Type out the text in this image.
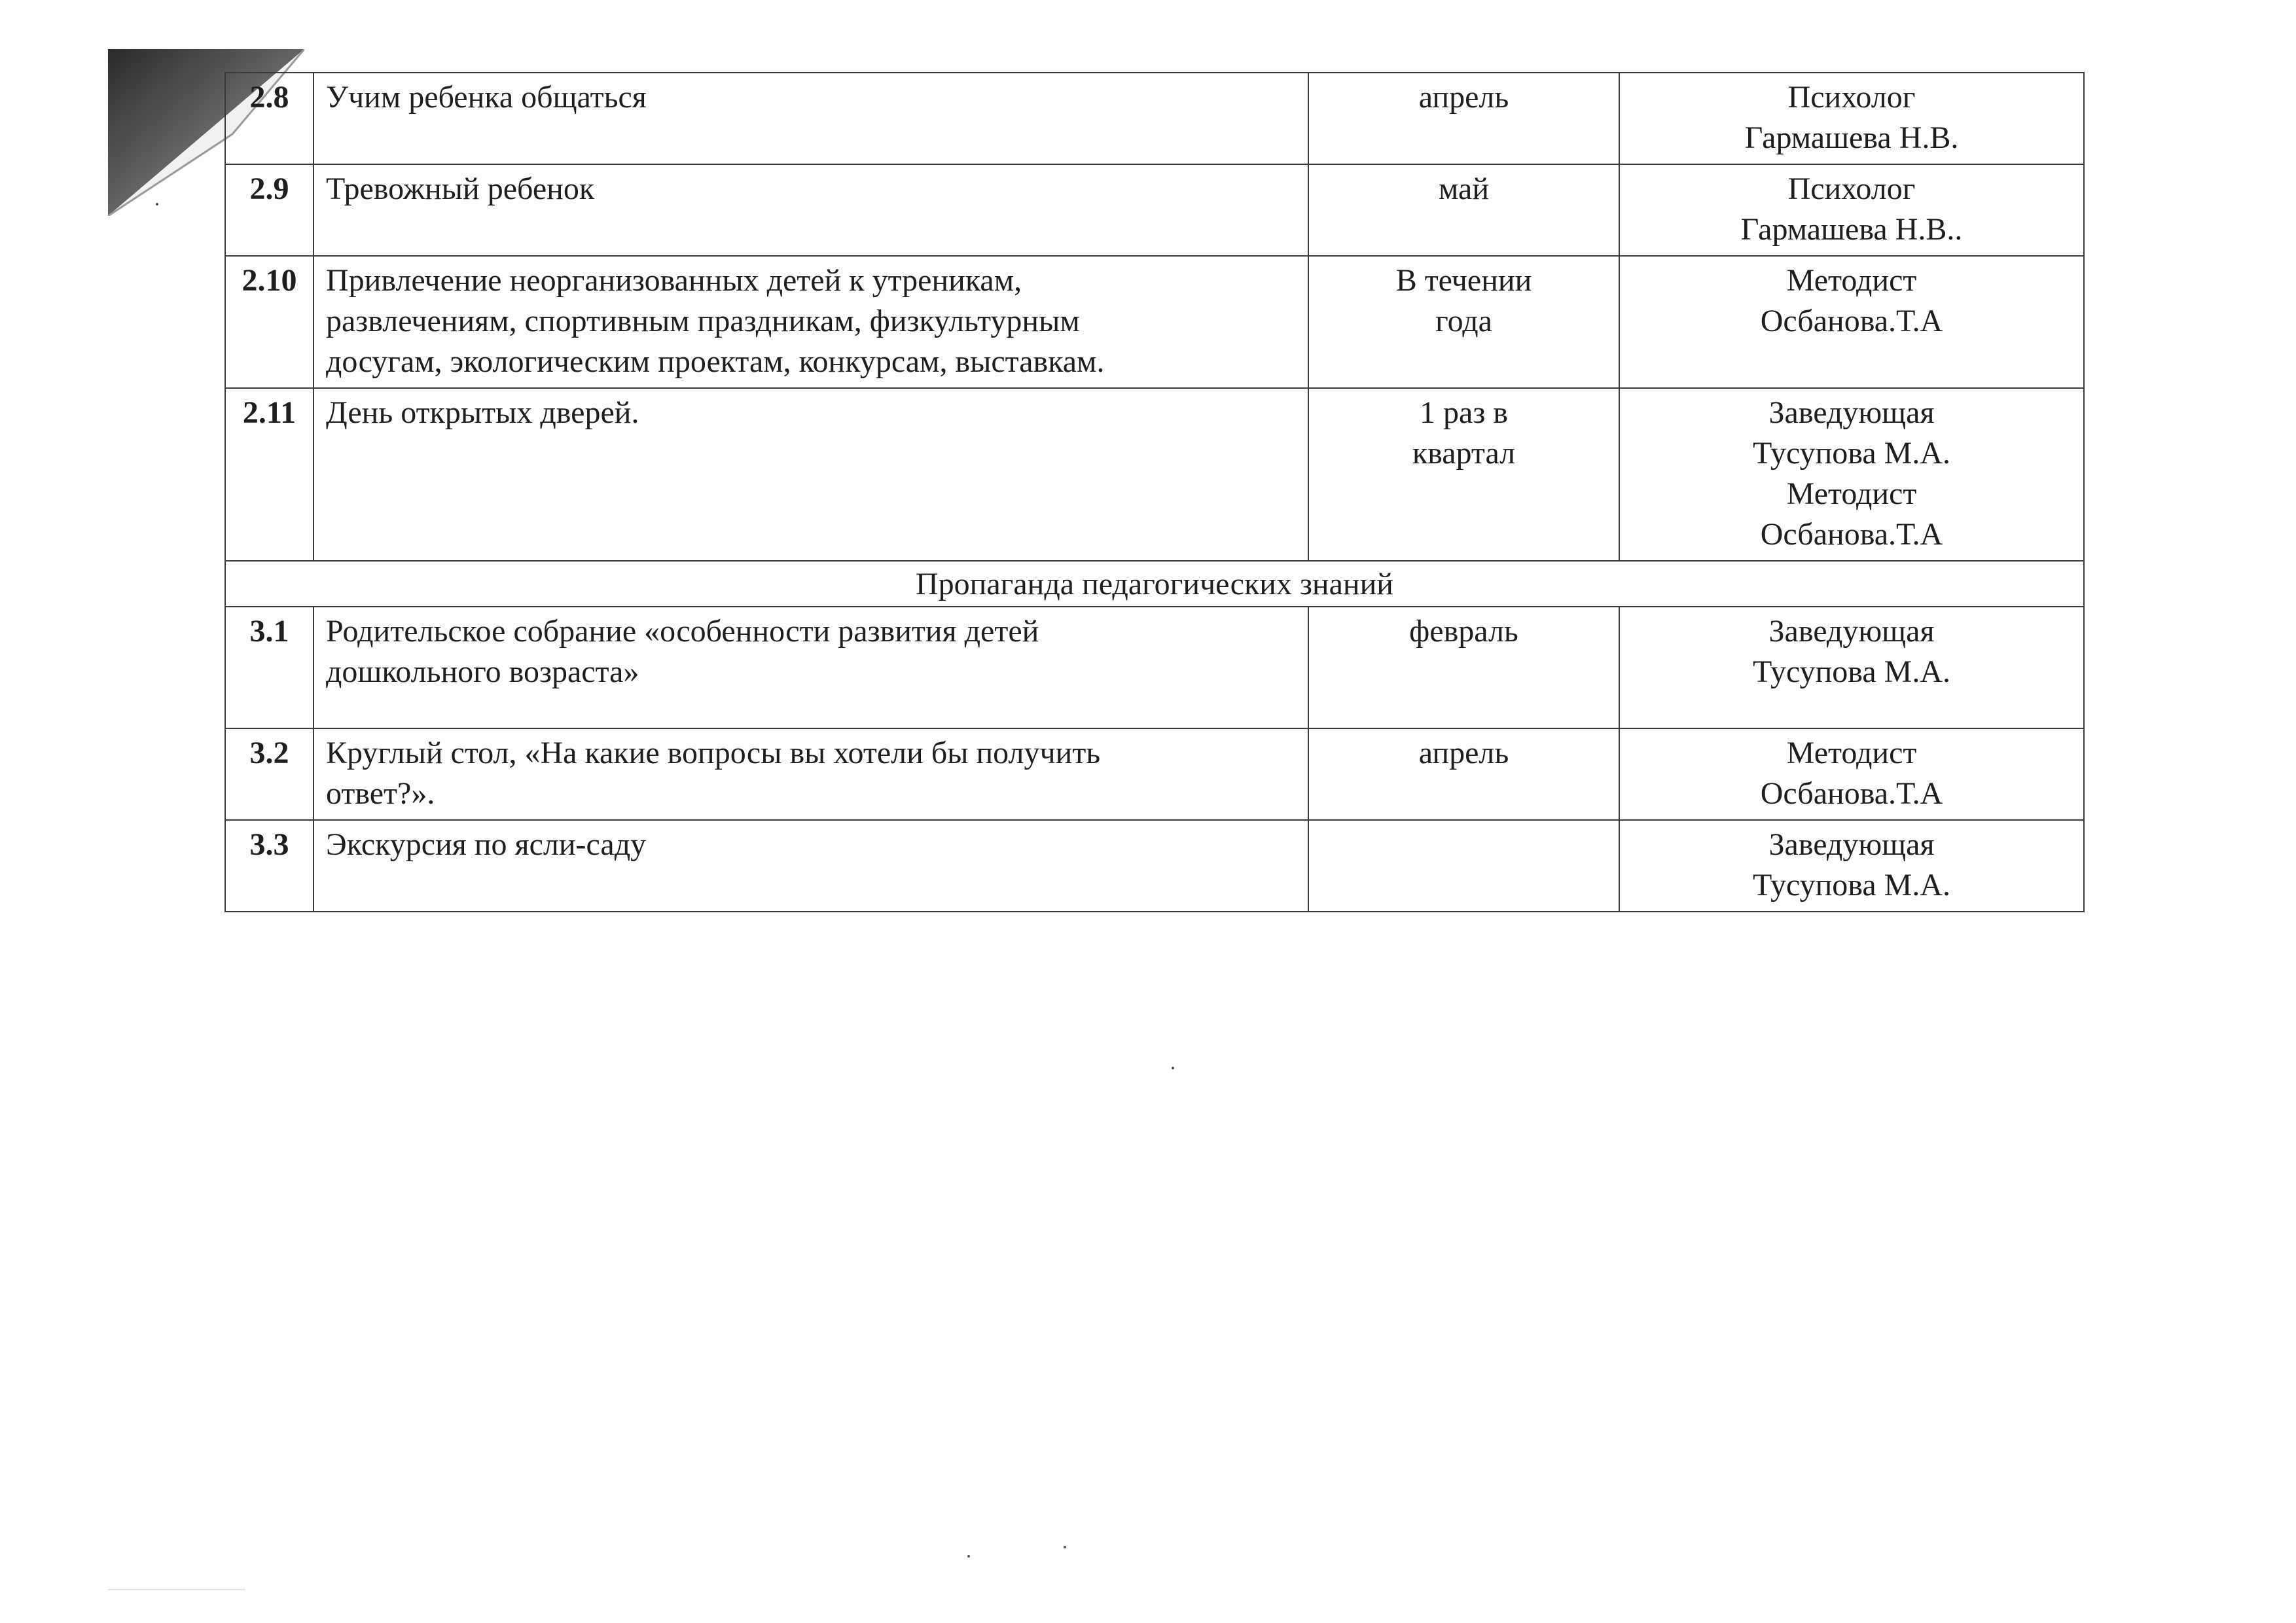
2.8	Учим ребенка общаться	апрель	Психолог
Гармашева Н.В.

2.9	Тревожный ребенок	май	Психолог
Гармашева Н.В..

2.10	Привлечение неорганизованных детей к утреникам,
развлечениям, спортивным праздникам, физкультурным
досугам, экологическим проектам, конкурсам, выставкам.	В течении
года	Методист
Осбанова.Т.А

2.11	День открытых дверей.	1 раз в
квартал	Заведующая
Тусупова М.А.
Методист
Осбанова.Т.А

Пропаганда педагогических знаний			
3.1	Родительское собрание «особенности развития детей
дошкольного возраста»	февраль	Заведующая
Тусупова М.А.

3.2	Круглый стол, «На какие вопросы вы хотели бы получить
ответ?».	апрель	Методист
Осбанова.Т.А

3.3	Экскурсия по ясли-саду		Заведующая
Тусупова М.А.
